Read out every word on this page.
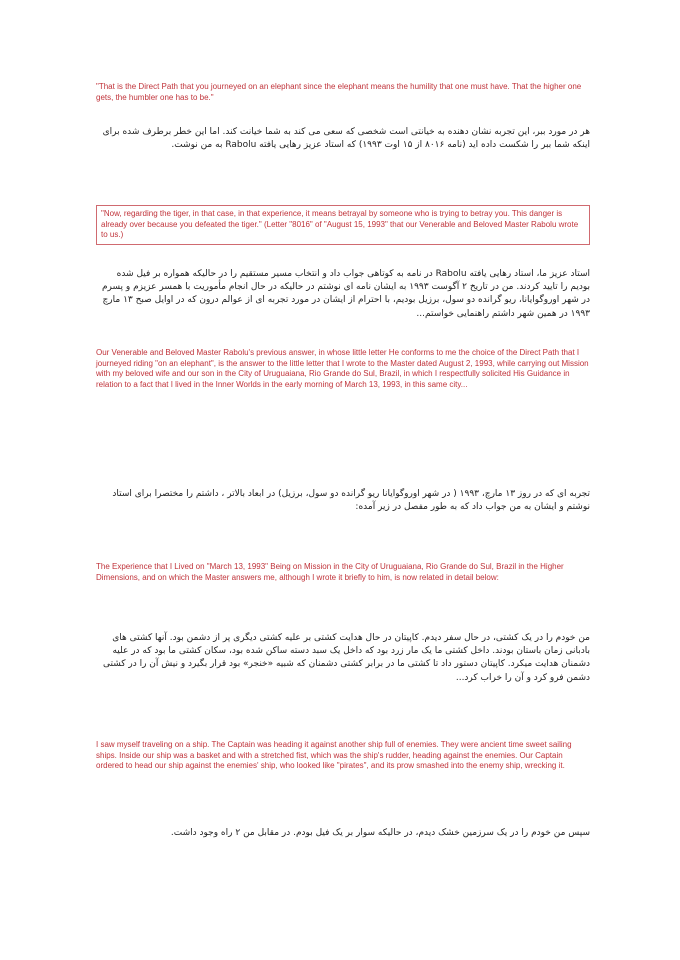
"That is the Direct Path that you journeyed on an elephant since the elephant means the humility that one must have. That the higher one gets, the humbler one has to be."
هر در مورد ببر، این تجربه نشان دهنده به خیانتی است شخصی که سعی می کند به شما خیانت کند. اما این خطر برطرف شده برای اینکه شما ببر را شکست داده اید (نامه ۸۰۱۶ از ۱۵ اوت ۱۹۹۳) که استاد عزیز رهایی یافته Rabolu به من نوشت.
"Now, regarding the tiger, in that case, in that experience, it means betrayal by someone who is trying to betray you. This danger is already over because you defeated the tiger." (Letter "8016" of "August 15, 1993" that our Venerable and Beloved Master Rabolu wrote to us.)
استاد عزیز ما، استاد رهایی یافته Rabolu در نامه به کوتاهی جواب داد و انتخاب مسیر مستقیم را در حالیکه همواره بر فیل شده بودیم را تایید کردند. من در تاریخ ۲ آگوست ۱۹۹۳ به ایشان نامه ای نوشتم در حالیکه در حال انجام مأموریت با همسر عزیزم و پسرم در شهر اوروگوایانا، ریو گرانده دو سول، برزیل بودیم، با احترام از ایشان در مورد تجربه ای از عوالم درون که در اوایل صبح ۱۳ مارچ ۱۹۹۳ در همین شهر داشتم راهنمایی خواستم...
Our Venerable and Beloved Master Rabolu's previous answer, in whose little letter He conforms to me the choice of the Direct Path that I journeyed riding "on an elephant", is the answer to the little letter that I wrote to the Master dated August 2, 1993, while carrying out Mission with my beloved wife and our son in the City of Uruguaiana, Rio Grande do Sul, Brazil, in which I respectfully solicited His Guidance in relation to a fact that I lived in the Inner Worlds in the early morning of March 13, 1993, in this same city...
تجربه ای که در روز ۱۳ مارچ، ۱۹۹۳ ( در شهر اوروگوایانا ریو گرانده دو سول، برزیل) در ابعاد بالاتر ، داشتم را مختصرا برای استاد نوشتم و ایشان به من جواب داد که به طور مفصل در زیر آمده:
The Experience that I Lived on "March 13, 1993" Being on Mission in the City of Uruguaiana, Rio Grande do Sul, Brazil in the Higher Dimensions, and on which the Master answers me, although I wrote it briefly to him, is now related in detail below:
من خودم را در یک کشتی، در حال سفر دیدم. کاپیتان در حال هدایت کشتی بر علیه کشتی دیگری پر از دشمن بود. آنها کشتی های بادبانی زمان باستان بودند. داخل کشتی ما یک مار زرد بود که داخل یک سبد دسته ساکن شده بود، سکان کشتی ما بود که در علیه دشمنان هدایت میکرد. کاپیتان دستور داد تا کشتی ما در برابر کشتی دشمنان که شبیه «خنجر» بود قرار بگیرد و نیش آن را در کشتی دشمن فرو کرد و آن را خراب کرد...
I saw myself traveling on a ship. The Captain was heading it against another ship full of enemies. They were ancient time sweet sailing ships. Inside our ship was a basket and with a stretched fist, which was the ship's rudder, heading against the enemies. Our Captain ordered to head our ship against the enemies' ship, who looked like "pirates", and its prow smashed into the enemy ship, wrecking it.
سپس من خودم را در یک سرزمین خشک دیدم، در حالیکه سوار بر یک فیل بودم. در مقابل من ۲ راه وجود داشت.
